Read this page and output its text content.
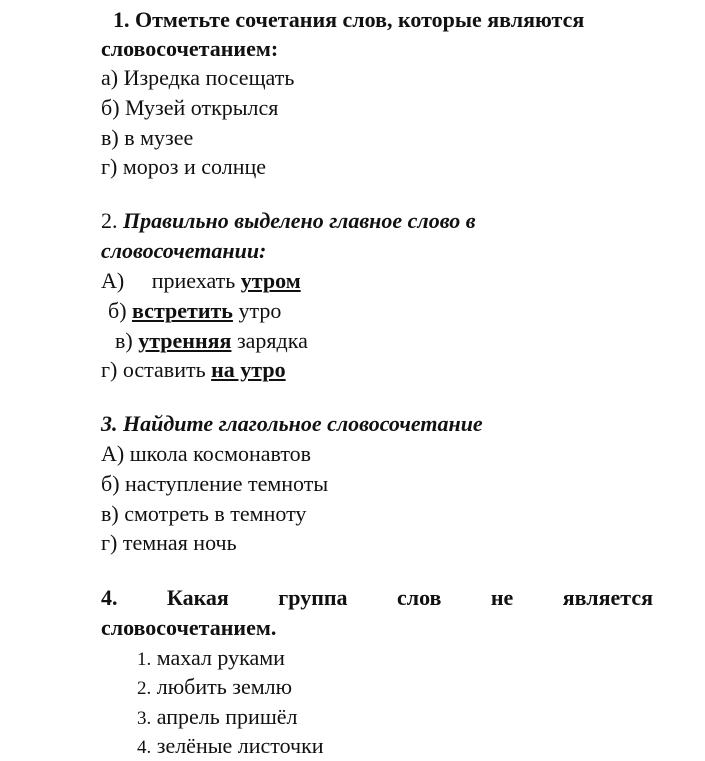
1. Отметьте сочетания слов, которые являются
словосочетанием:
а) Изредка посещать
б) Музей открылся
в) в музее
г) мороз и солнце
2. Правильно выделено главное слово в
словосочетании:
А)     приехать утром
б) встретить утро
в) утренняя зарядка
г) оставить на утро
3. Найдите глагольное словосочетание
А) школа космонавтов
б) наступление темноты
в) смотреть в темноту
г) темная ночь
4. Какая группа слов не является
словосочетанием.
1. махал руками
2. любить землю
3. апрель пришёл
4. зелёные листочки
